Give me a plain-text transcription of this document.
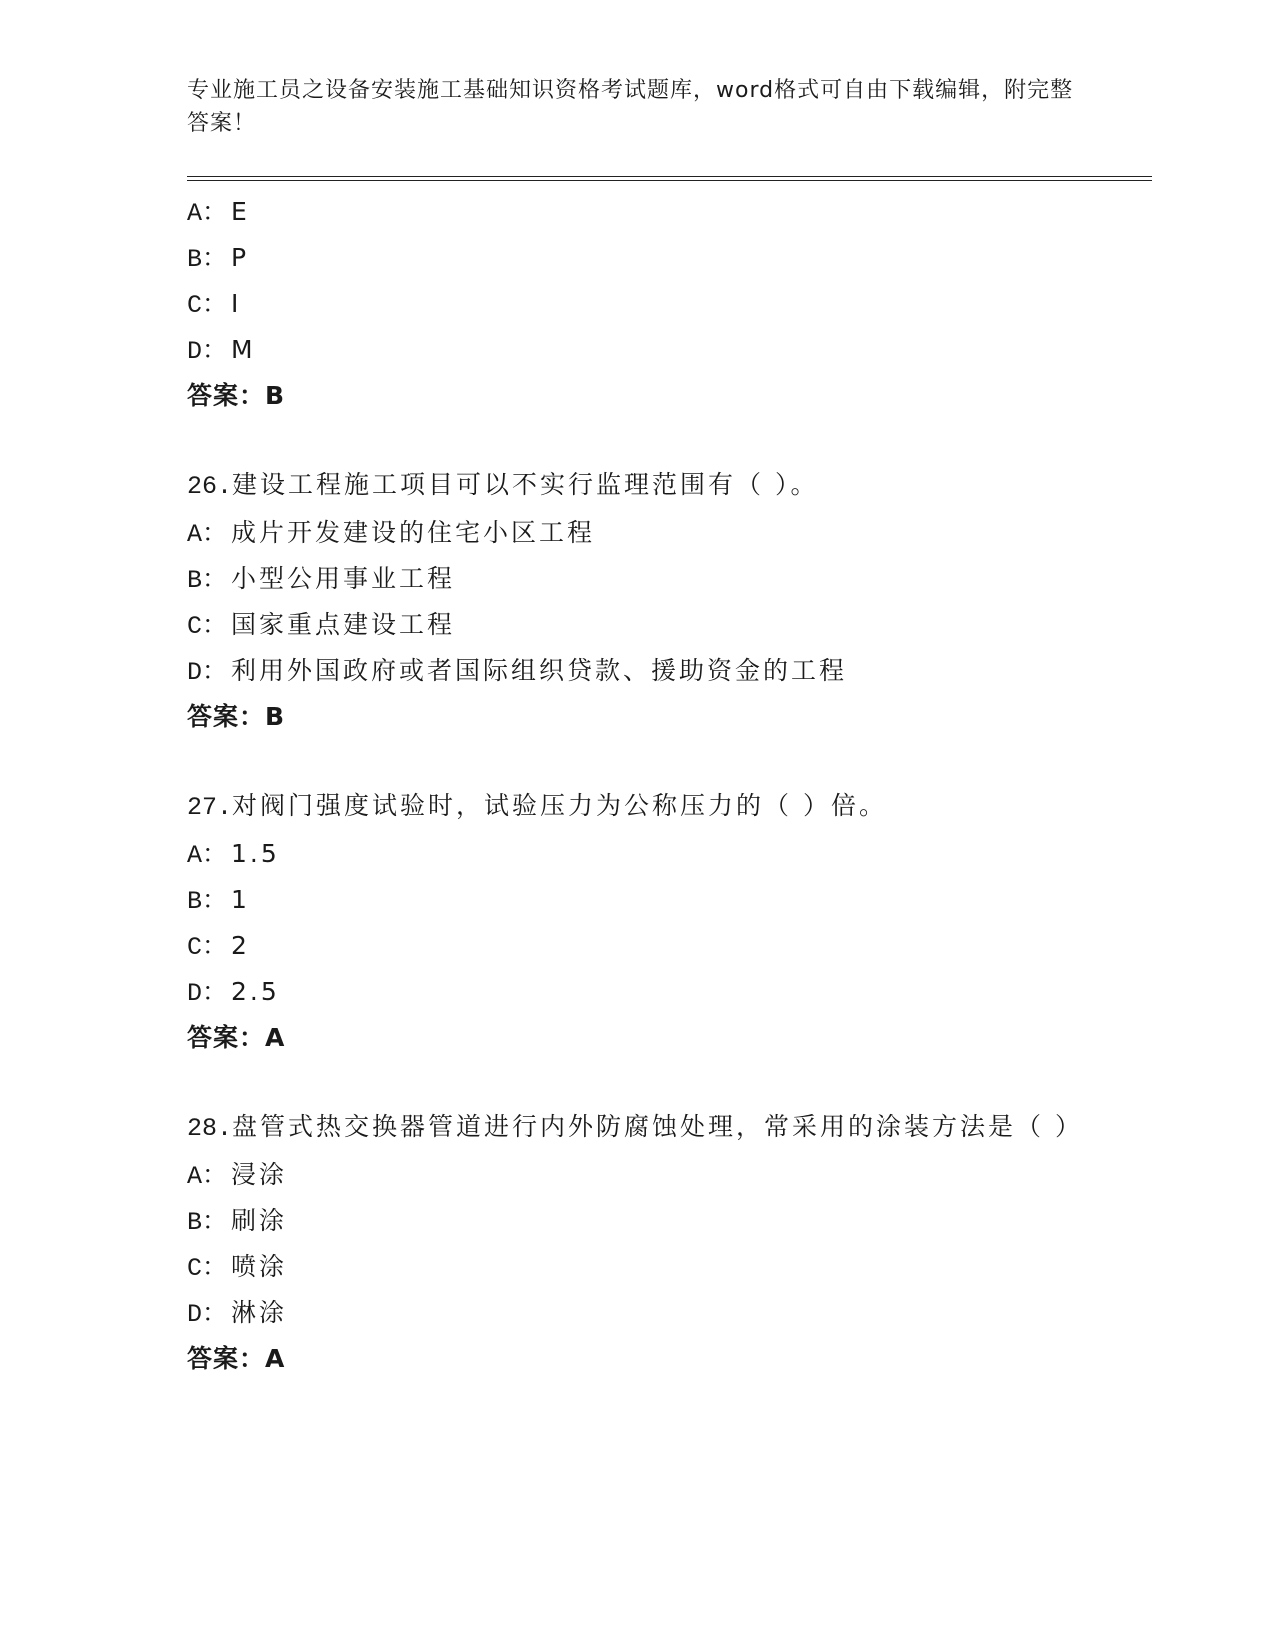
专业施工员之设备安装施工基础知识资格考试题库，word格式可自由下载编辑，附完整答案！
A： E
B： P
C： I
D： M
答案：B
26.建设工程施工项目可以不实行监理范围有（ ）。
A： 成片开发建设的住宅小区工程
B： 小型公用事业工程
C： 国家重点建设工程
D： 利用外国政府或者国际组织贷款、援助资金的工程
答案：B
27.对阀门强度试验时，试验压力为公称压力的（ ）倍。
A： 1.5
B： 1
C： 2
D： 2.5
答案：A
28.盘管式热交换器管道进行内外防腐蚀处理，常采用的涂装方法是（ ）
A： 浸涂
B： 刷涂
C： 喷涂
D： 淋涂
答案：A
